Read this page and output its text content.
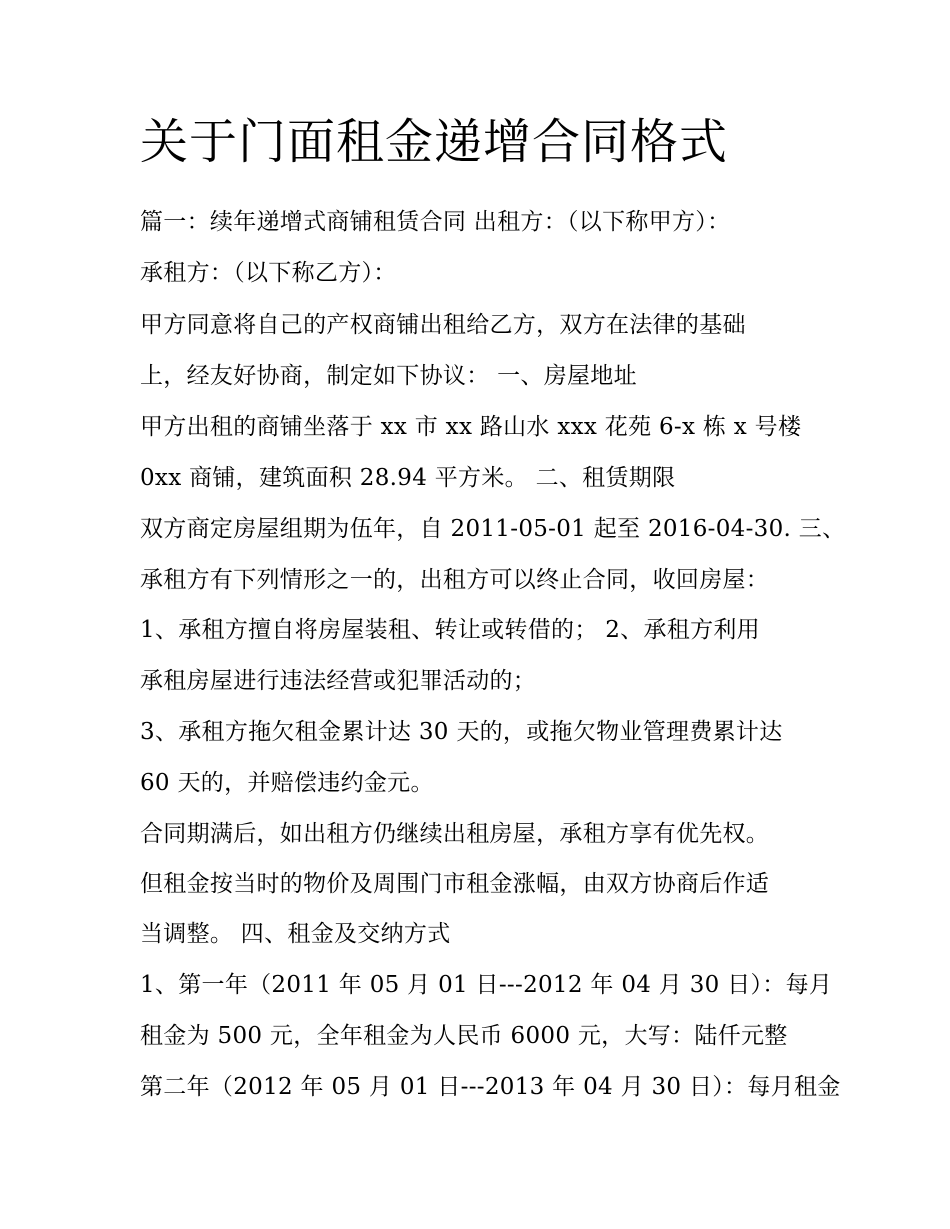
关于门面租金递增合同格式
篇一：续年递增式商铺租赁合同 出租方：（以下称甲方）：
承租方：（以下称乙方）：
甲方同意将自己的产权商铺出租给乙方，双方在法律的基础
上，经友好协商，制定如下协议： 一、房屋地址
甲方出租的商铺坐落于 xx 市 xx 路山水 xxx 花苑 6-x 栋 x 号楼
0xx 商铺，建筑面积 28.94 平方米。 二、租赁期限
双方商定房屋组期为伍年，自 2011-05-01 起至 2016-04-30. 三、
承租方有下列情形之一的，出租方可以终止合同，收回房屋：
1、承租方擅自将房屋装租、转让或转借的； 2、承租方利用
承租房屋进行违法经营或犯罪活动的；
3、承租方拖欠租金累计达 30 天的，或拖欠物业管理费累计达
60 天的，并赔偿违约金元。
合同期满后，如出租方仍继续出租房屋，承租方享有优先权。
但租金按当时的物价及周围门市租金涨幅，由双方协商后作适
当调整。 四、租金及交纳方式
1、第一年（2011 年 05 月 01 日---2012 年 04 月 30 日）：每月
租金为 500 元，全年租金为人民币 6000 元，大写：陆仟元整
第二年（2012 年 05 月 01 日---2013 年 04 月 30 日）：每月租金
